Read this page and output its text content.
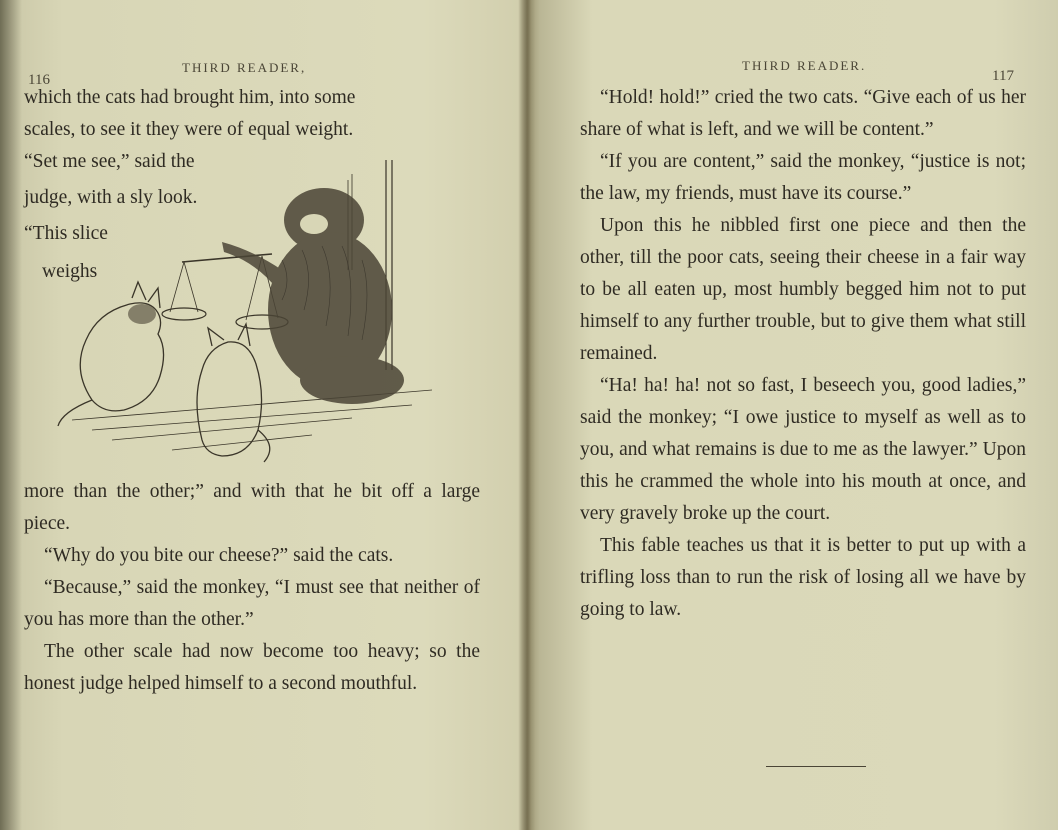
116
THIRD READER,

which the cats had brought him, into some

scales, to see it they were of equal weight.

“Set me see,” said the

judge, with a sly look.

“This slice

weighs

more than the other;” and with that he bit off a large piece.

“Why do you bite our cheese?” said the cats.

“Because,” said the monkey, “I must see that neither of you has more than the other.”

The other scale had now become too heavy; so the honest judge helped himself to a second mouthful.

THIRD READER.
117

“Hold! hold!” cried the two cats. “Give each of us her share of what is left, and we will be content.”

“If you are content,” said the monkey, “justice is not; the law, my friends, must have its course.”

Upon this he nibbled first one piece and then the other, till the poor cats, seeing their cheese in a fair way to be all eaten up, most humbly begged him not to put himself to any further trouble, but to give them what still remained.

“Ha! ha! ha! not so fast, I beseech you, good ladies,” said the monkey; “I owe justice to myself as well as to you, and what remains is due to me as the lawyer.” Upon this he crammed the whole into his mouth at once, and very gravely broke up the court.

This fable teaches us that it is better to put up with a trifling loss than to run the risk of losing all we have by going to law.
